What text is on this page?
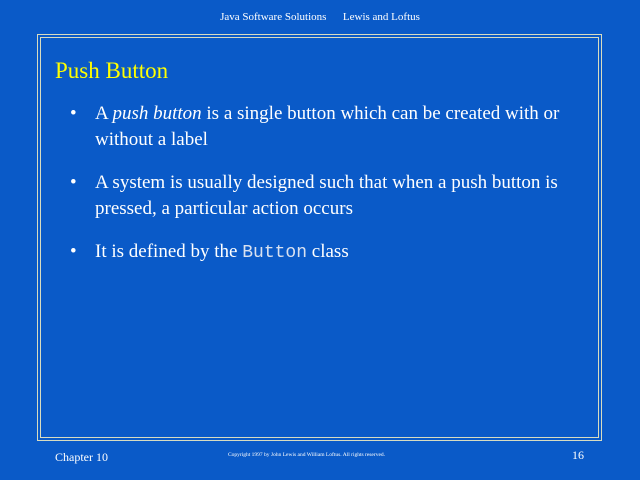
Java Software Solutions Lewis and Loftus
Push Button
• A push button is a single button which can be created with or without a label
• A system is usually designed such that when a push button is pressed, a particular action occurs
• It is defined by the Button class
Chapter 10	Copyright 1997 by John Lewis and William Loftus. All rights reserved.	16
